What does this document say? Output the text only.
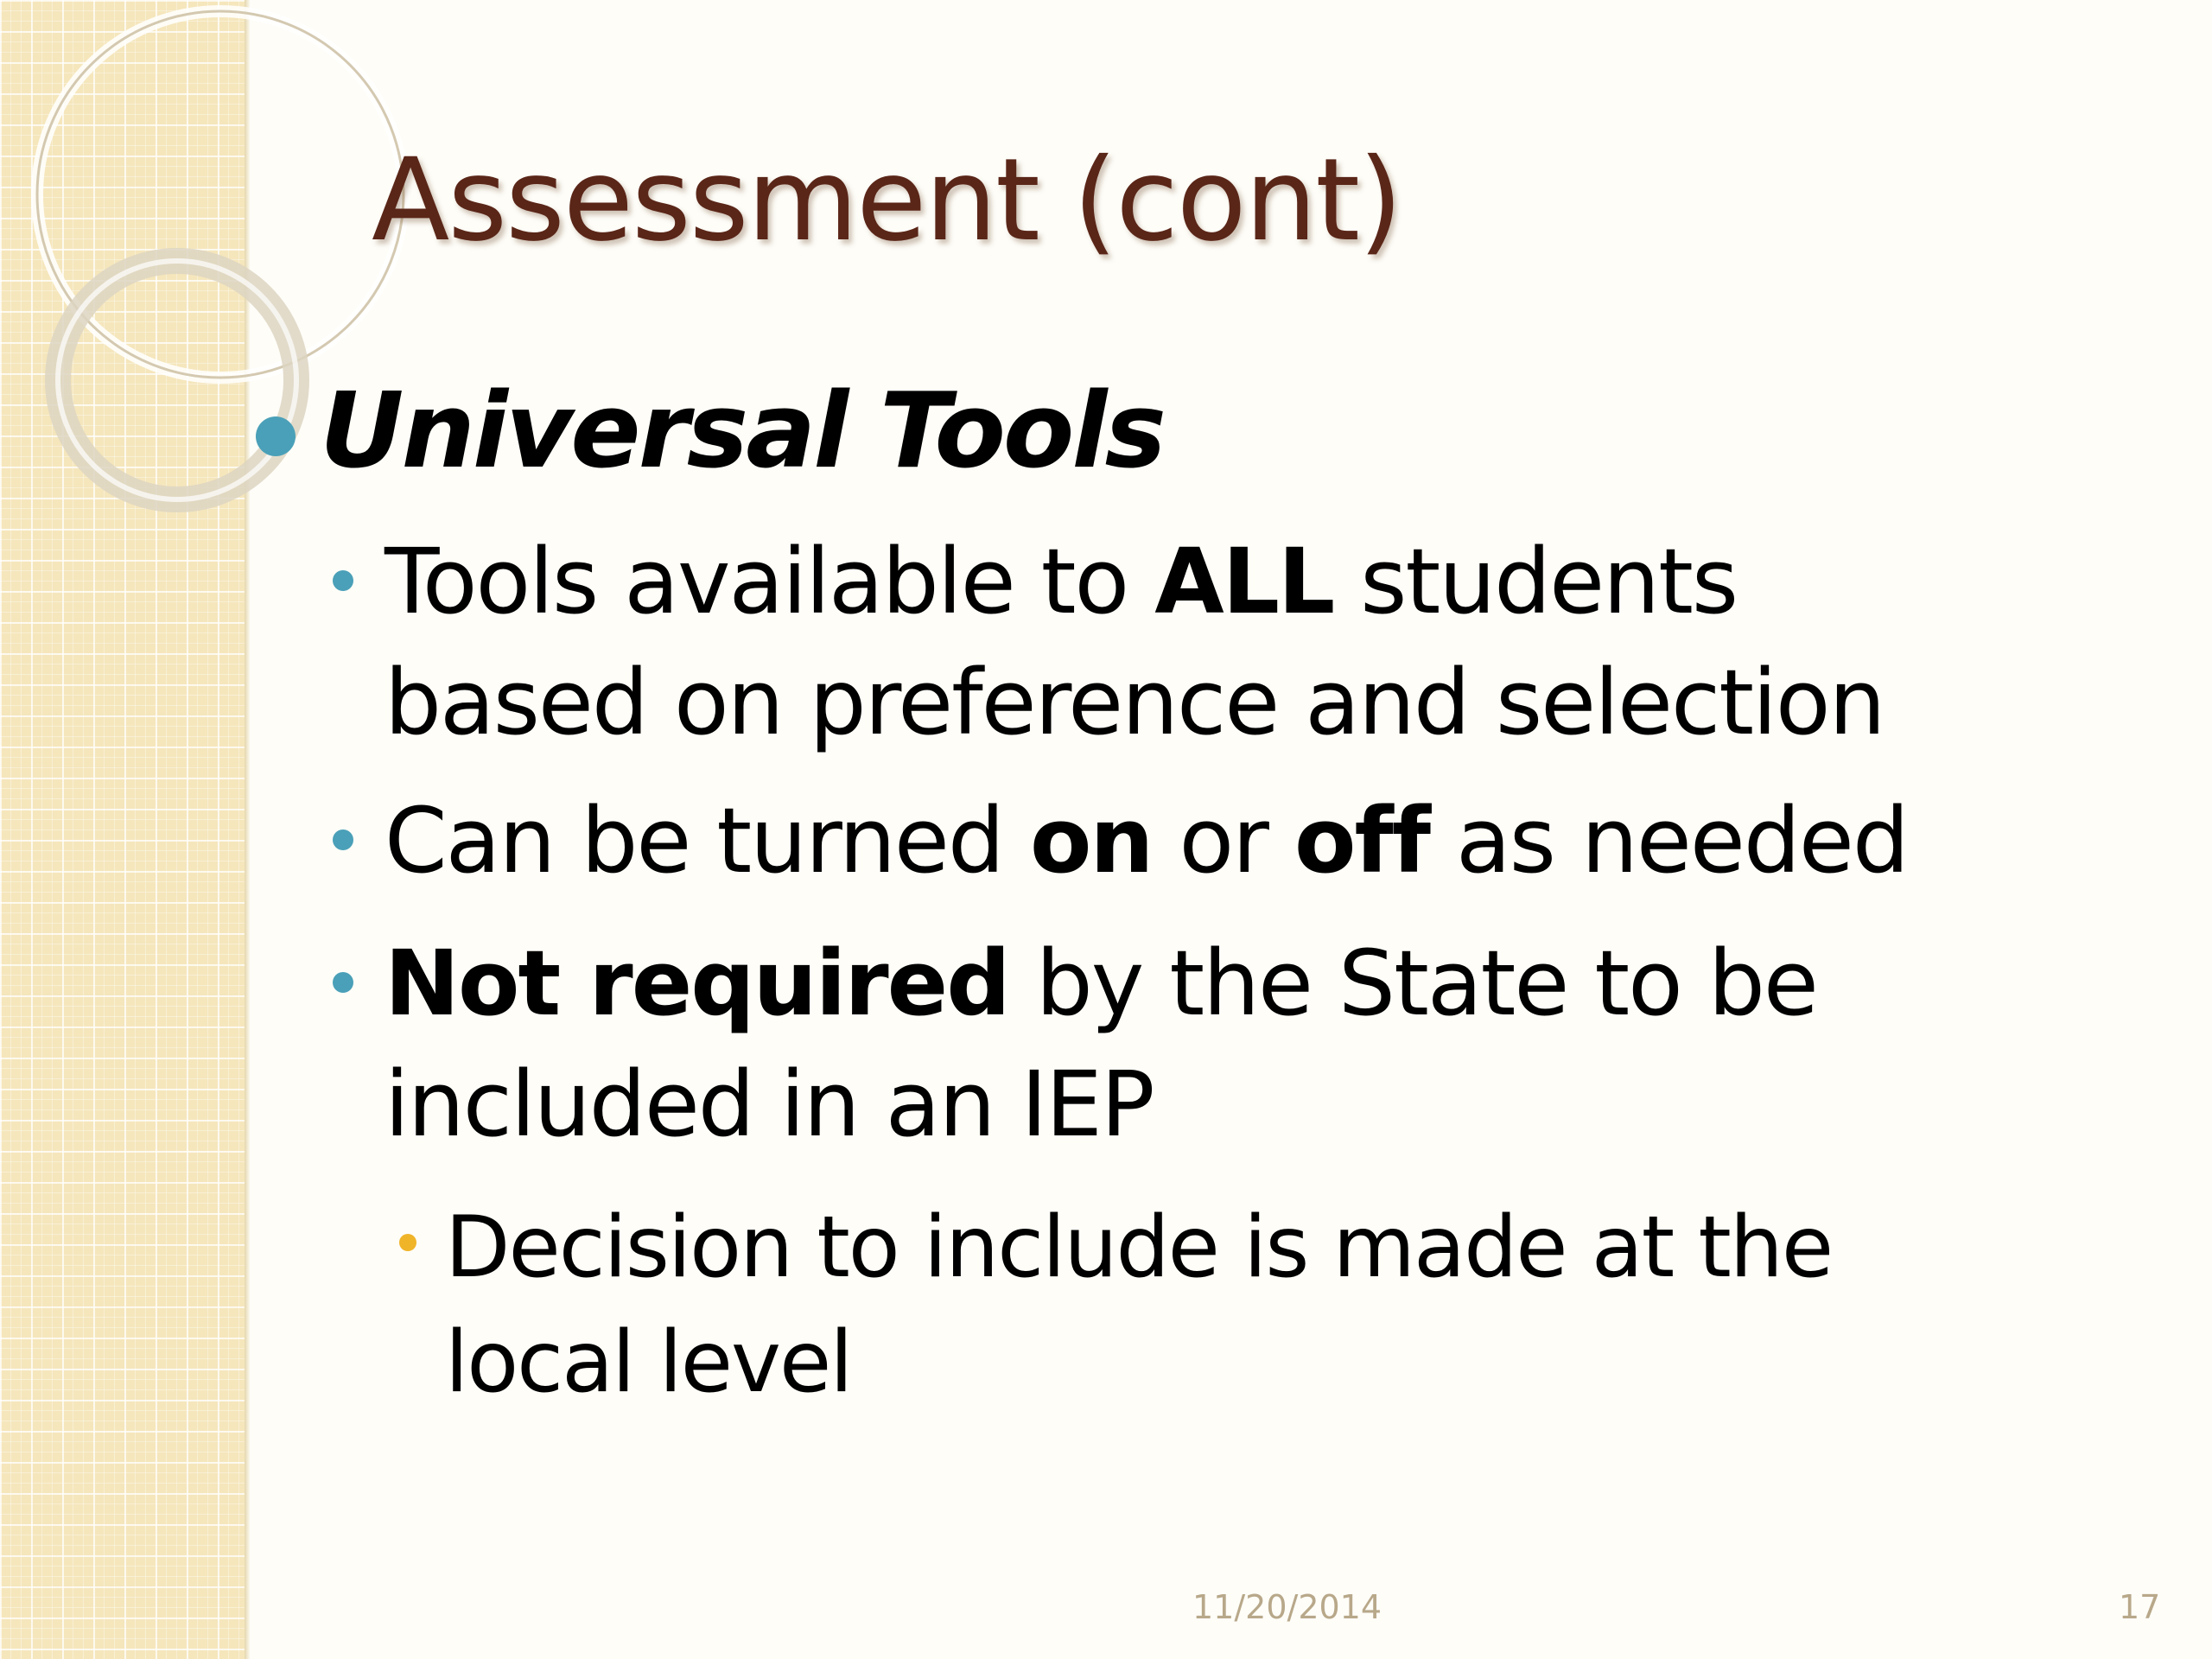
Assessment (cont)
Universal Tools
Tools available to ALL students
based on preference and selection
Can be turned on or off as needed
Not required by the State to be
included in an IEP
Decision to include is made at the
local level
11/20/2014	17
